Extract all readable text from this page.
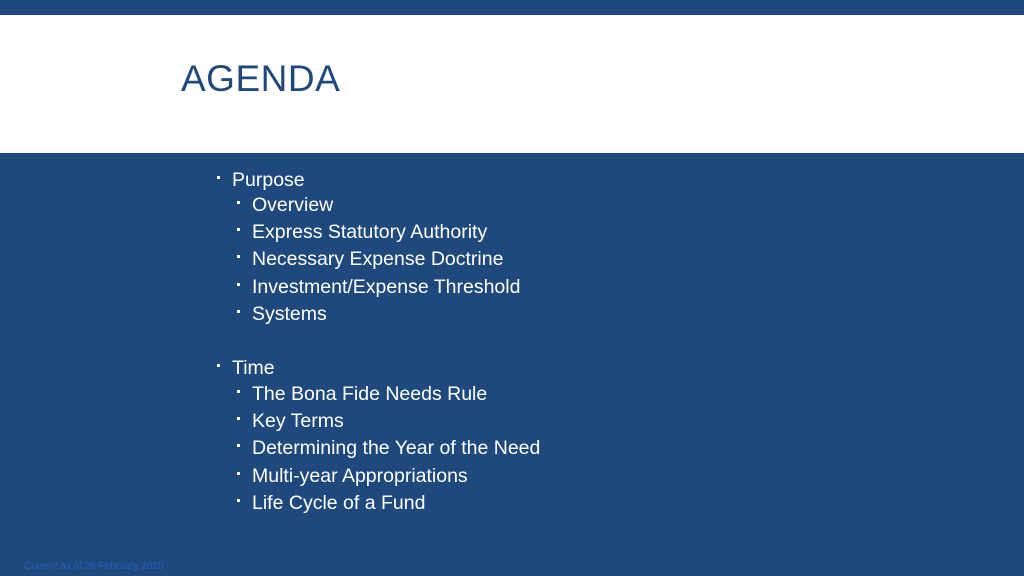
AGENDA
Purpose
Overview
Express Statutory Authority
Necessary Expense Doctrine
Investment/Expense Threshold
Systems
Time
The Bona Fide Needs Rule
Key Terms
Determining the Year of the Need
Multi-year Appropriations
Life Cycle of a Fund
Current as of 26 February 2020
